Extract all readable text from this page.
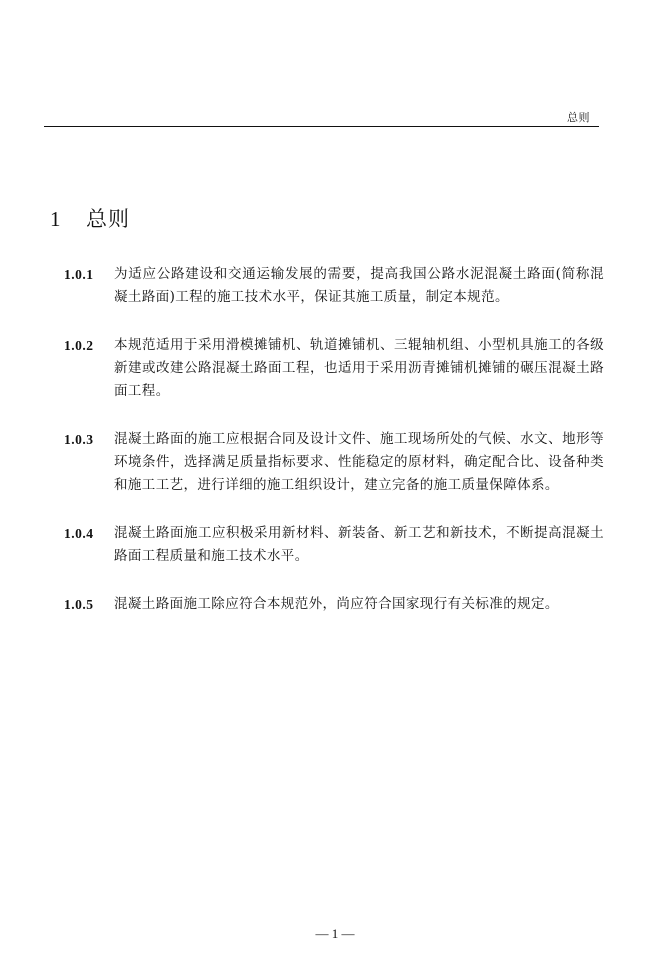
总则
1	总则
1.0.1	为适应公路建设和交通运输发展的需要，提高我国公路水泥混凝土路面(简称混凝土路面)工程的施工技术水平，保证其施工质量，制定本规范。
1.0.2	本规范适用于采用滑模摊铺机、轨道摊铺机、三辊轴机组、小型机具施工的各级新建或改建公路混凝土路面工程，也适用于采用沥青摊铺机摊铺的碾压混凝土路面工程。
1.0.3	混凝土路面的施工应根据合同及设计文件、施工现场所处的气候、水文、地形等环境条件，选择满足质量指标要求、性能稳定的原材料，确定配合比、设备种类和施工工艺，进行详细的施工组织设计，建立完备的施工质量保障体系。
1.0.4	混凝土路面施工应积极采用新材料、新装备、新工艺和新技术，不断提高混凝土路面工程质量和施工技术水平。
1.0.5	混凝土路面施工除应符合本规范外，尚应符合国家现行有关标准的规定。
— 1 —
